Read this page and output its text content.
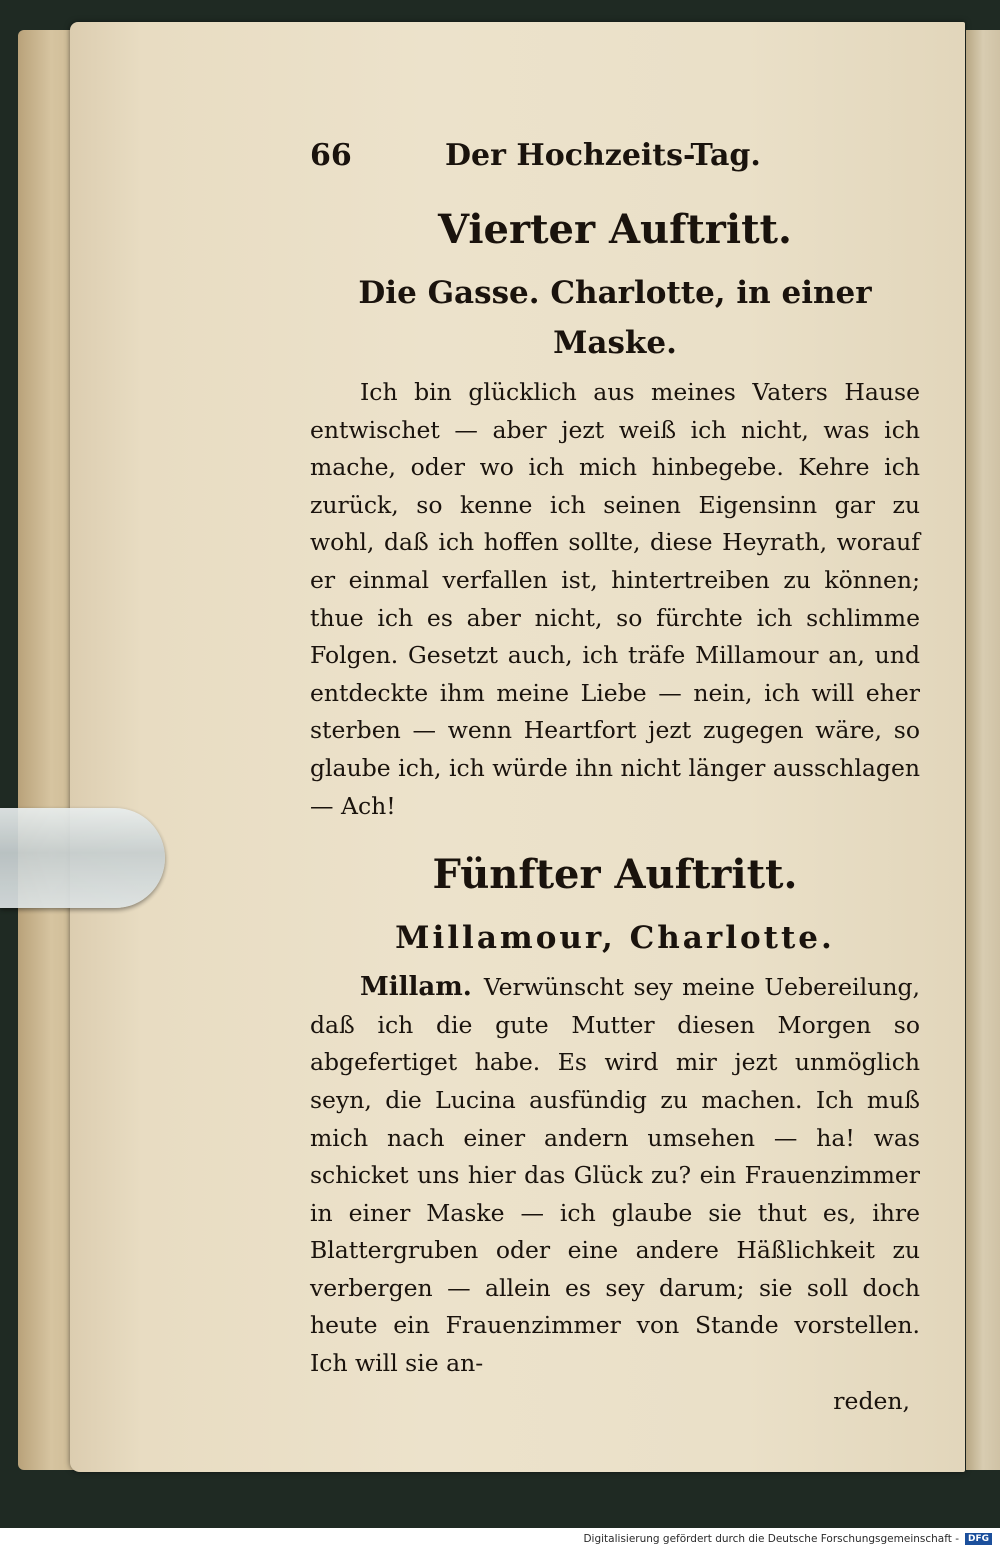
66	Der Hochzeits-Tag.
Vierter Auftritt.
Die Gasse. Charlotte, in einer Maske.
Ich bin glücklich aus meines Vaters Hause entwischet — aber jezt weiß ich nicht, was ich mache, oder wo ich mich hinbegebe. Kehre ich zurück, so kenne ich seinen Eigensinn gar zu wohl, daß ich hoffen sollte, diese Heyrath, worauf er einmal verfallen ist, hintertreiben zu können; thue ich es aber nicht, so fürchte ich schlimme Folgen. Gesetzt auch, ich träfe Millamour an, und entdeckte ihm meine Liebe — nein, ich will eher sterben — wenn Heartfort jezt zugegen wäre, so glaube ich, ich würde ihn nicht länger ausschlagen — Ach!
Fünfter Auftritt.
Millamour, Charlotte.
Millam. Verwünscht sey meine Uebereilung, daß ich die gute Mutter diesen Morgen so abgefertiget habe. Es wird mir jezt unmöglich seyn, die Lucina ausfündig zu machen. Ich muß mich nach einer andern umsehen — ha! was schicket uns hier das Glück zu? ein Frauenzimmer in einer Maske — ich glaube sie thut es, ihre Blattergruben oder eine andere Häßlichkeit zu verbergen — allein es sey darum; sie soll doch heute ein Frauenzimmer von Stande vorstellen. Ich will sie an-
reden,
Digitalisierung gefördert durch die Deutsche Forschungsgemeinschaft -	DFG
